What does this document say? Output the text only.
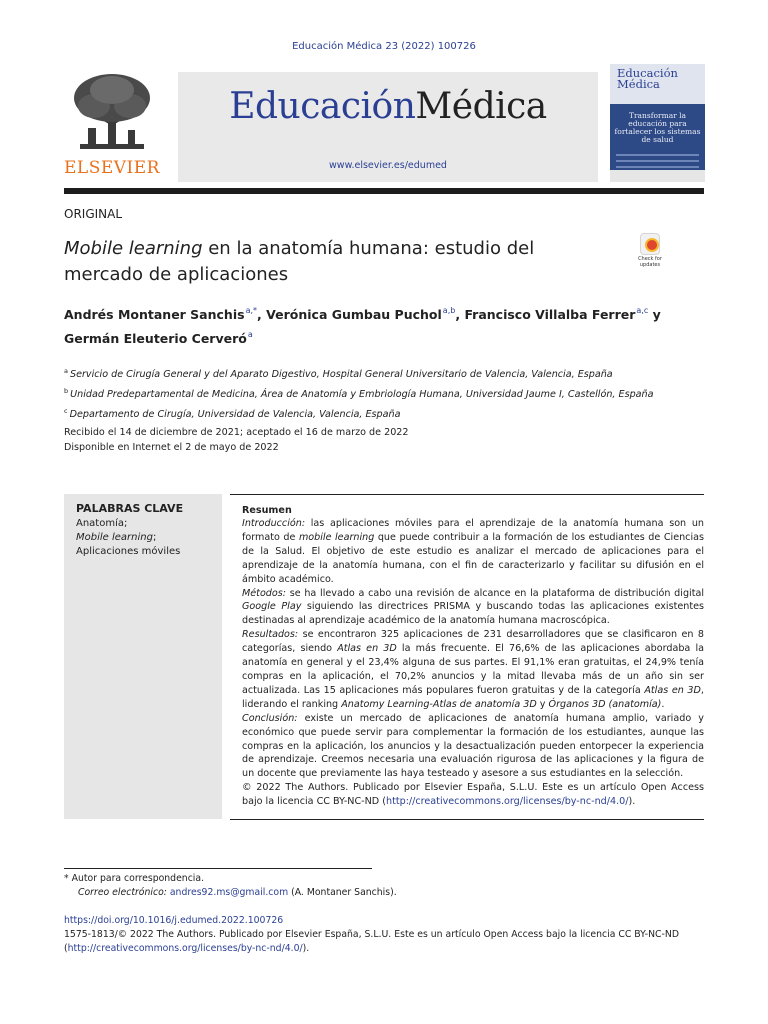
Educación Médica 23 (2022) 100726
ELSEVIER
EducaciónMédica
www.elsevier.es/edumed
Educación
Médica
Transformar la educación para fortalecer los sistemas de salud
ORIGINAL
Mobile learning en la anatomía humana: estudio del mercado de aplicaciones
Check for updates
Andrés Montaner Sanchis$^{a,*}$, Verónica Gumbau Puchol$^{a,b}$, Francisco Villalba Ferrer$^{a,c}$ y
Germán Eleuterio Cerveró$^a$
$^a$ Servicio de Cirugía General y del Aparato Digestivo, Hospital General Universitario de Valencia, Valencia, España
$^b$ Unidad Predepartamental de Medicina, Área de Anatomía y Embriología Humana, Universidad Jaume I, Castellón, España
$^c$ Departamento de Cirugía, Universidad de Valencia, Valencia, España
Recibido el 14 de diciembre de 2021; aceptado el 16 de marzo de 2022
Disponible en Internet el 2 de mayo de 2022
PALABRAS CLAVE
Anatomía;
Mobile learning;
Aplicaciones móviles
Resumen
Introducción: las aplicaciones móviles para el aprendizaje de la anatomía humana son un formato de mobile learning que puede contribuir a la formación de los estudiantes de Ciencias de la Salud. El objetivo de este estudio es analizar el mercado de aplicaciones para el aprendizaje de la anatomía humana, con el fin de caracterizarlo y facilitar su difusión en el ámbito académico.
Métodos: se ha llevado a cabo una revisión de alcance en la plataforma de distribución digital Google Play siguiendo las directrices PRISMA y buscando todas las aplicaciones existentes destinadas al aprendizaje académico de la anatomía humana macroscópica.
Resultados: se encontraron 325 aplicaciones de 231 desarrolladores que se clasificaron en 8 categorías, siendo Atlas en 3D la más frecuente. El 76,6% de las aplicaciones abordaba la anatomía en general y el 23,4% alguna de sus partes. El 91,1% eran gratuitas, el 24,9% tenía compras en la aplicación, el 70,2% anuncios y la mitad llevaba más de un año sin ser actualizada. Las 15 aplicaciones más populares fueron gratuitas y de la categoría Atlas en 3D, liderando el ranking Anatomy Learning-Atlas de anatomía 3D y Órganos 3D (anatomía).
Conclusión: existe un mercado de aplicaciones de anatomía humana amplio, variado y económico que puede servir para complementar la formación de los estudiantes, aunque las compras en la aplicación, los anuncios y la desactualización pueden entorpecer la experiencia de aprendizaje. Creemos necesaria una evaluación rigurosa de las aplicaciones y la figura de un docente que previamente las haya testeado y asesore a sus estudiantes en la selección.
© 2022 The Authors. Publicado por Elsevier España, S.L.U. Este es un artículo Open Access bajo la licencia CC BY-NC-ND (http://creativecommons.org/licenses/by-nc-nd/4.0/).
* Autor para correspondencia.
Correo electrónico: andres92.ms@gmail.com (A. Montaner Sanchis).
https://doi.org/10.1016/j.edumed.2022.100726
1575-1813/© 2022 The Authors. Publicado por Elsevier España, S.L.U. Este es un artículo Open Access bajo la licencia CC BY-NC-ND (http://creativecommons.org/licenses/by-nc-nd/4.0/).
